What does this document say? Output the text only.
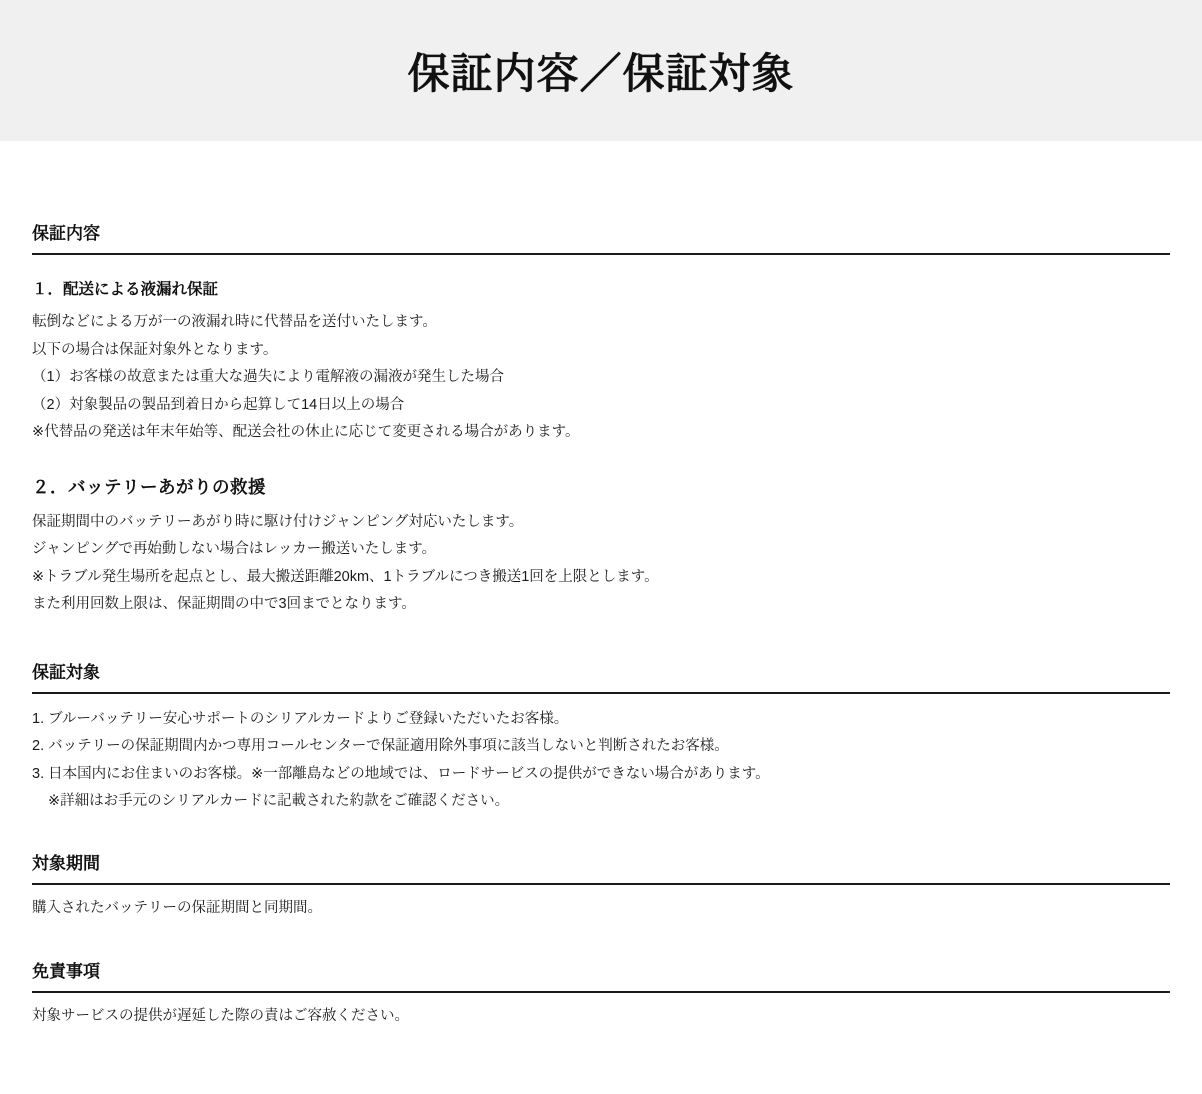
保証内容／保証対象
保証内容
１．配送による液漏れ保証

転倒などによる万が一の液漏れ時に代替品を送付いたします。

以下の場合は保証対象外となります。

（1）お客様の故意または重大な過失により電解液の漏液が発生した場合

（2）対象製品の製品到着日から起算して14日以上の場合

※代替品の発送は年末年始等、配送会社の休止に応じて変更される場合があります。

２．バッテリーあがりの救援

保証期間中のバッテリーあがり時に駆け付けジャンピング対応いたします。

ジャンピングで再始動しない場合はレッカー搬送いたします。

※トラブル発生場所を起点とし、最大搬送距離20km、1トラブルにつき搬送1回を上限とします。

また利用回数上限は、保証期間の中で3回までとなります。

保証対象

1. ブルーバッテリー安心サポートのシリアルカードよりご登録いただいたお客様。

2. バッテリーの保証期間内かつ専用コールセンターで保証適用除外事項に該当しないと判断されたお客様。

3. 日本国内にお住まいのお客様。※一部離島などの地域では、ロードサービスの提供ができない場合があります。

※詳細はお手元のシリアルカードに記載された約款をご確認ください。

対象期間

購入されたバッテリーの保証期間と同期間。

免責事項

対象サービスの提供が遅延した際の責はご容赦ください。
